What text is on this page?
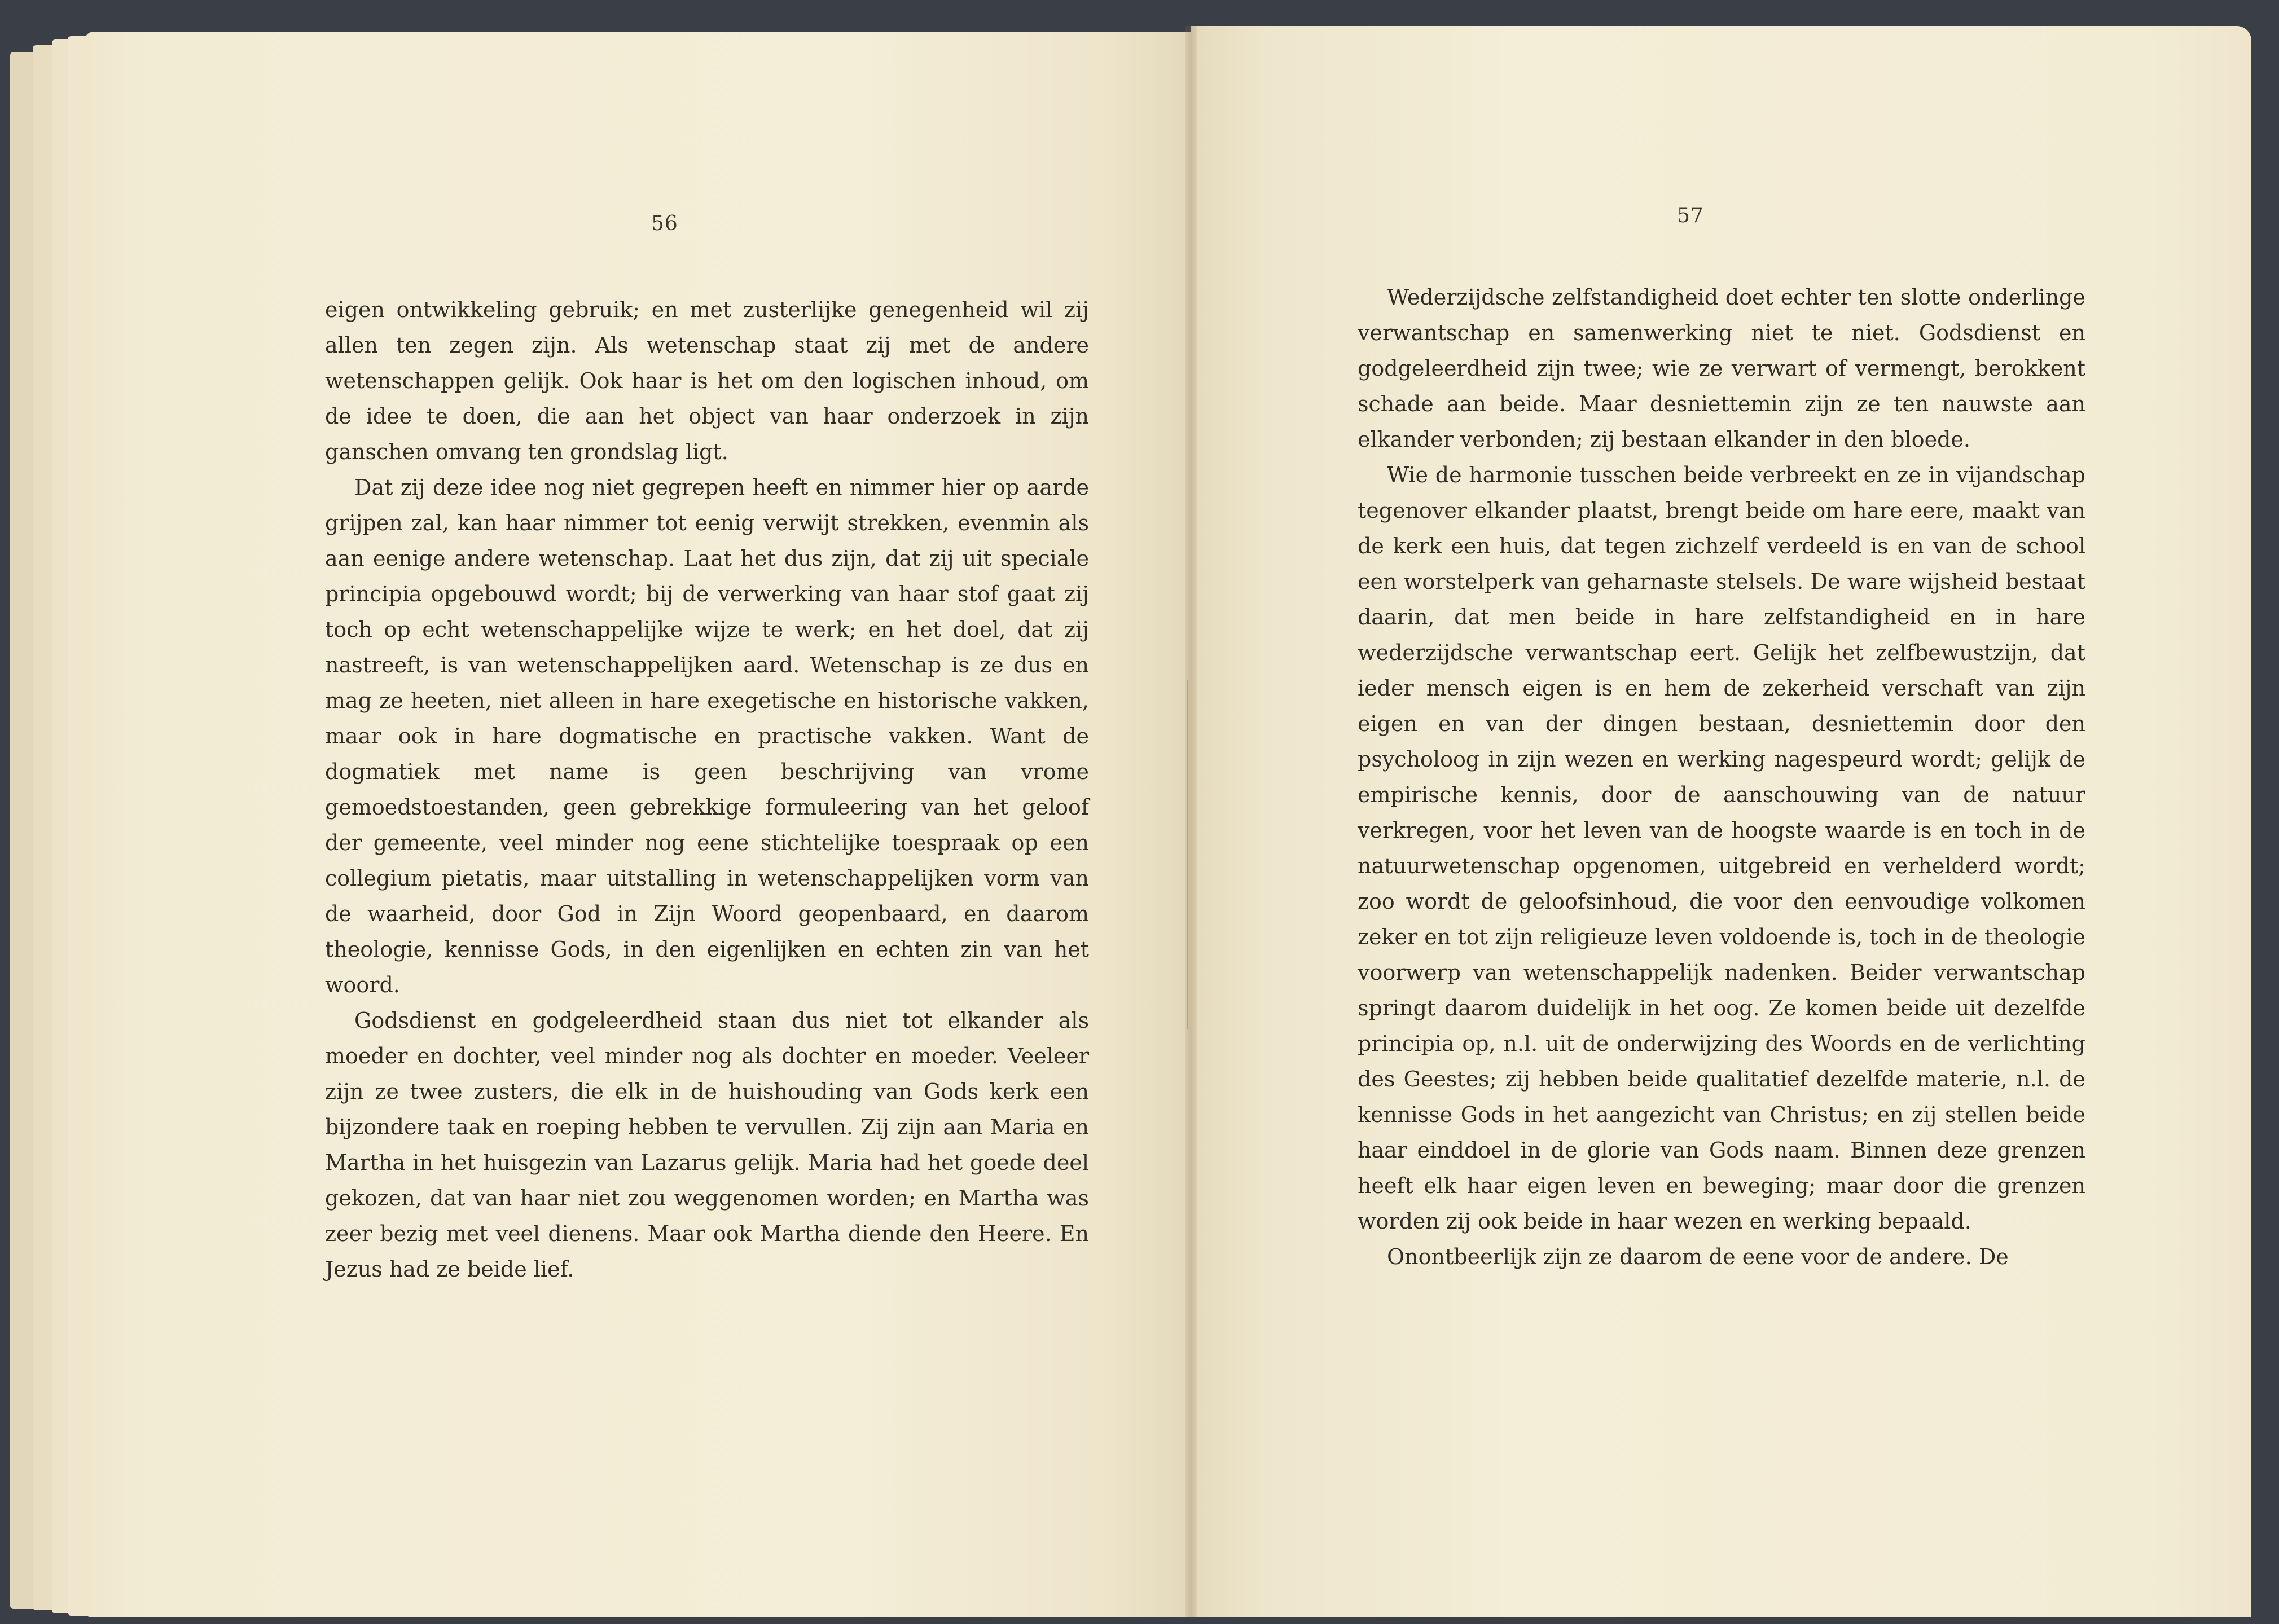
56

eigen ontwikkeling gebruik; en met zusterlijke genegenheid wil zij allen ten zegen zijn. Als wetenschap staat zij met de andere wetenschappen gelijk. Ook haar is het om den logischen inhoud, om de idee te doen, die aan het object van haar onderzoek in zijn ganschen omvang ten grondslag ligt.

Dat zij deze idee nog niet gegrepen heeft en nimmer hier op aarde grijpen zal, kan haar nimmer tot eenig verwijt strekken, evenmin als aan eenige andere wetenschap. Laat het dus zijn, dat zij uit speciale principia opgebouwd wordt; bij de verwerking van haar stof gaat zij toch op echt wetenschappelijke wijze te werk; en het doel, dat zij nastreeft, is van wetenschappelijken aard. Wetenschap is ze dus en mag ze heeten, niet alleen in hare exegetische en historische vakken, maar ook in hare dogmatische en practische vakken. Want de dogmatiek met name is geen beschrijving van vrome gemoedstoestanden, geen gebrekkige formuleering van het geloof der gemeente, veel minder nog eene stichtelijke toespraak op een collegium pietatis, maar uitstalling in wetenschappelijken vorm van de waarheid, door God in Zijn Woord geopenbaard, en daarom theologie, kennisse Gods, in den eigenlijken en echten zin van het woord.

Godsdienst en godgeleerdheid staan dus niet tot elkander als moeder en dochter, veel minder nog als dochter en moeder. Veeleer zijn ze twee zusters, die elk in de huishouding van Gods kerk een bijzondere taak en roeping hebben te vervullen. Zij zijn aan Maria en Martha in het huisgezin van Lazarus gelijk. Maria had het goede deel gekozen, dat van haar niet zou weggenomen worden; en Martha was zeer bezig met veel dienens. Maar ook Martha diende den Heere. En Jezus had ze beide lief.

57

Wederzijdsche zelfstandigheid doet echter ten slotte onderlinge verwantschap en samenwerking niet te niet. Godsdienst en godgeleerdheid zijn twee; wie ze verwart of vermengt, berokkent schade aan beide. Maar desniettemin zijn ze ten nauwste aan elkander verbonden; zij bestaan elkander in den bloede.

Wie de harmonie tusschen beide verbreekt en ze in vijandschap tegenover elkander plaatst, brengt beide om hare eere, maakt van de kerk een huis, dat tegen zichzelf verdeeld is en van de school een worstelperk van geharnaste stelsels. De ware wijsheid bestaat daarin, dat men beide in hare zelfstandigheid en in hare wederzijdsche verwantschap eert. Gelijk het zelfbewustzijn, dat ieder mensch eigen is en hem de zekerheid verschaft van zijn eigen en van der dingen bestaan, desniettemin door den psycholoog in zijn wezen en werking nagespeurd wordt; gelijk de empirische kennis, door de aanschouwing van de natuur verkregen, voor het leven van de hoogste waarde is en toch in de natuurwetenschap opgenomen, uitgebreid en verhelderd wordt; zoo wordt de geloofsinhoud, die voor den eenvoudige volkomen zeker en tot zijn religieuze leven voldoende is, toch in de theologie voorwerp van wetenschappelijk nadenken. Beider verwantschap springt daarom duidelijk in het oog. Ze komen beide uit dezelfde principia op, n.l. uit de onderwijzing des Woords en de verlichting des Geestes; zij hebben beide qualitatief dezelfde materie, n.l. de kennisse Gods in het aangezicht van Christus; en zij stellen beide haar einddoel in de glorie van Gods naam. Binnen deze grenzen heeft elk haar eigen leven en beweging; maar door die grenzen worden zij ook beide in haar wezen en werking bepaald.

Onontbeerlijk zijn ze daarom de eene voor de andere. De
